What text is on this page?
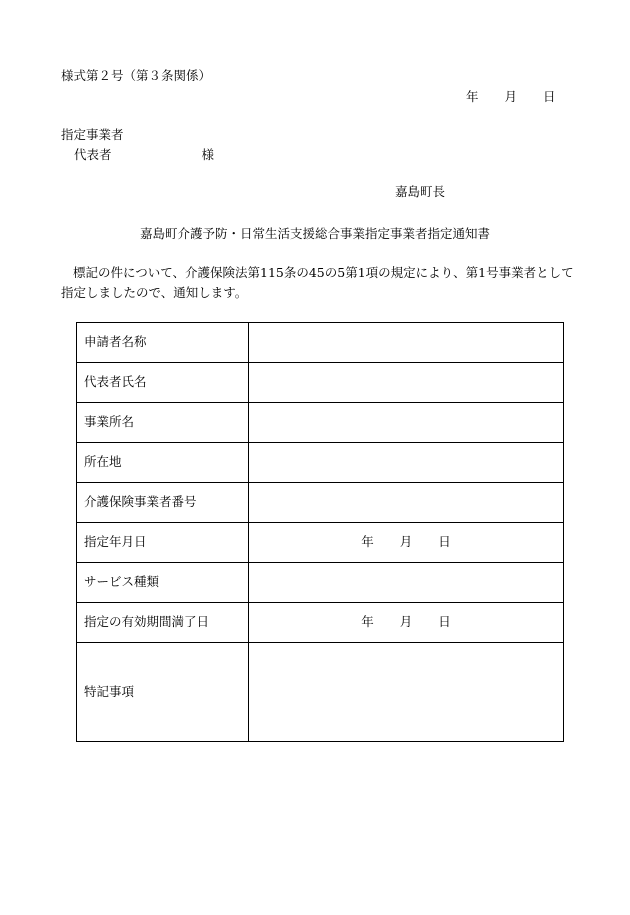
様式第２号（第３条関係）
年 月 日
指定事業者
代表者	様
嘉島町長
嘉島町介護予防・日常生活支援総合事業指定事業者指定通知書
標記の件について、介護保険法第115条の45の5第1項の規定により、第1号事業者として指定しましたので、通知します。
申請者名称	
代表者氏名	
事業所名	
所在地	
介護保険事業者番号	
指定年月日	年 月 日
サービス種類	
指定の有効期間満了日	年 月 日
特記事項	
